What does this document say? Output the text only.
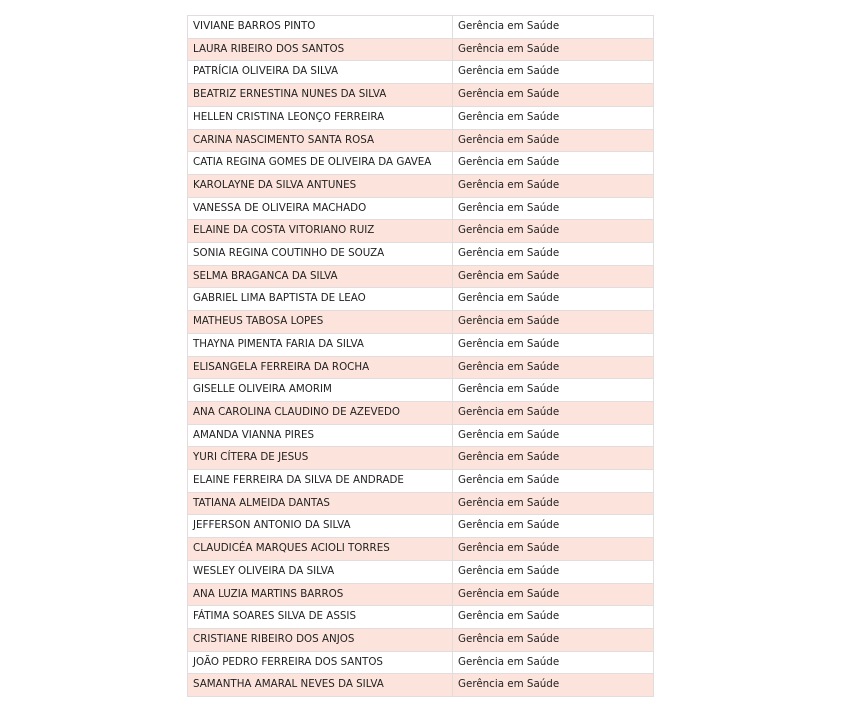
VIVIANE BARROS PINTO	Gerência em Saúde
LAURA RIBEIRO DOS SANTOS	Gerência em Saúde
PATRÍCIA OLIVEIRA DA SILVA	Gerência em Saúde
BEATRIZ ERNESTINA NUNES DA SILVA	Gerência em Saúde
HELLEN CRISTINA LEONÇO FERREIRA	Gerência em Saúde
CARINA NASCIMENTO SANTA ROSA	Gerência em Saúde
CATIA REGINA GOMES DE OLIVEIRA DA GAVEA	Gerência em Saúde
KAROLAYNE DA SILVA ANTUNES	Gerência em Saúde
VANESSA DE OLIVEIRA MACHADO	Gerência em Saúde
ELAINE DA COSTA VITORIANO RUIZ	Gerência em Saúde
SONIA REGINA COUTINHO DE SOUZA	Gerência em Saúde
SELMA BRAGANCA DA SILVA	Gerência em Saúde
GABRIEL LIMA BAPTISTA DE LEAO	Gerência em Saúde
MATHEUS TABOSA LOPES	Gerência em Saúde
THAYNA PIMENTA FARIA DA SILVA	Gerência em Saúde
ELISANGELA FERREIRA DA ROCHA	Gerência em Saúde
GISELLE OLIVEIRA AMORIM	Gerência em Saúde
ANA CAROLINA CLAUDINO DE AZEVEDO	Gerência em Saúde
AMANDA VIANNA PIRES	Gerência em Saúde
YURI CÍTERA DE JESUS	Gerência em Saúde
ELAINE FERREIRA DA SILVA DE ANDRADE	Gerência em Saúde
TATIANA ALMEIDA DANTAS	Gerência em Saúde
JEFFERSON ANTONIO DA SILVA	Gerência em Saúde
CLAUDICÉA MARQUES ACIOLI TORRES	Gerência em Saúde
WESLEY OLIVEIRA DA SILVA	Gerência em Saúde
ANA LUZIA MARTINS BARROS	Gerência em Saúde
FÁTIMA SOARES SILVA DE ASSIS	Gerência em Saúde
CRISTIANE RIBEIRO DOS ANJOS	Gerência em Saúde
JOÃO PEDRO FERREIRA DOS SANTOS	Gerência em Saúde
SAMANTHA AMARAL NEVES DA SILVA	Gerência em Saúde
